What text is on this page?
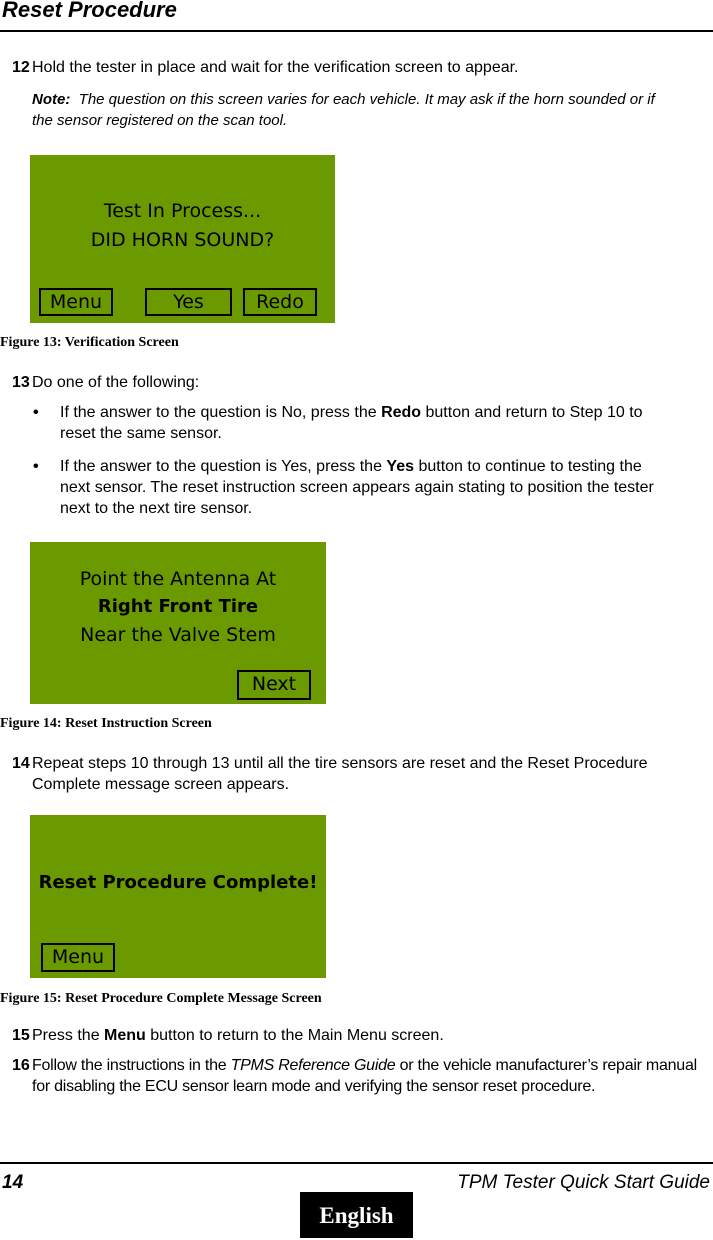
Reset Procedure
12 Hold the tester in place and wait for the verification screen to appear.
Note: The question on this screen varies for each vehicle. It may ask if the horn sounded or if the sensor registered on the scan tool.
Test In Process...
DID HORN SOUND?
Menu	Yes	Redo
Figure 13: Verification Screen
13 Do one of the following:
• If the answer to the question is No, press the Redo button and return to Step 10 to reset the same sensor.
• If the answer to the question is Yes, press the Yes button to continue to testing the next sensor. The reset instruction screen appears again stating to position the tester next to the next tire sensor.
Point the Antenna At
Right Front Tire
Near the Valve Stem
Next
Figure 14: Reset Instruction Screen
14 Repeat steps 10 through 13 until all the tire sensors are reset and the Reset Procedure Complete message screen appears.
Reset Procedure Complete!
Menu
Figure 15: Reset Procedure Complete Message Screen
15 Press the Menu button to return to the Main Menu screen.
16 Follow the instructions in the TPMS Reference Guide or the vehicle manufacturer’s repair manual for disabling the ECU sensor learn mode and verifying the sensor reset procedure.
14	TPM Tester Quick Start Guide
English
